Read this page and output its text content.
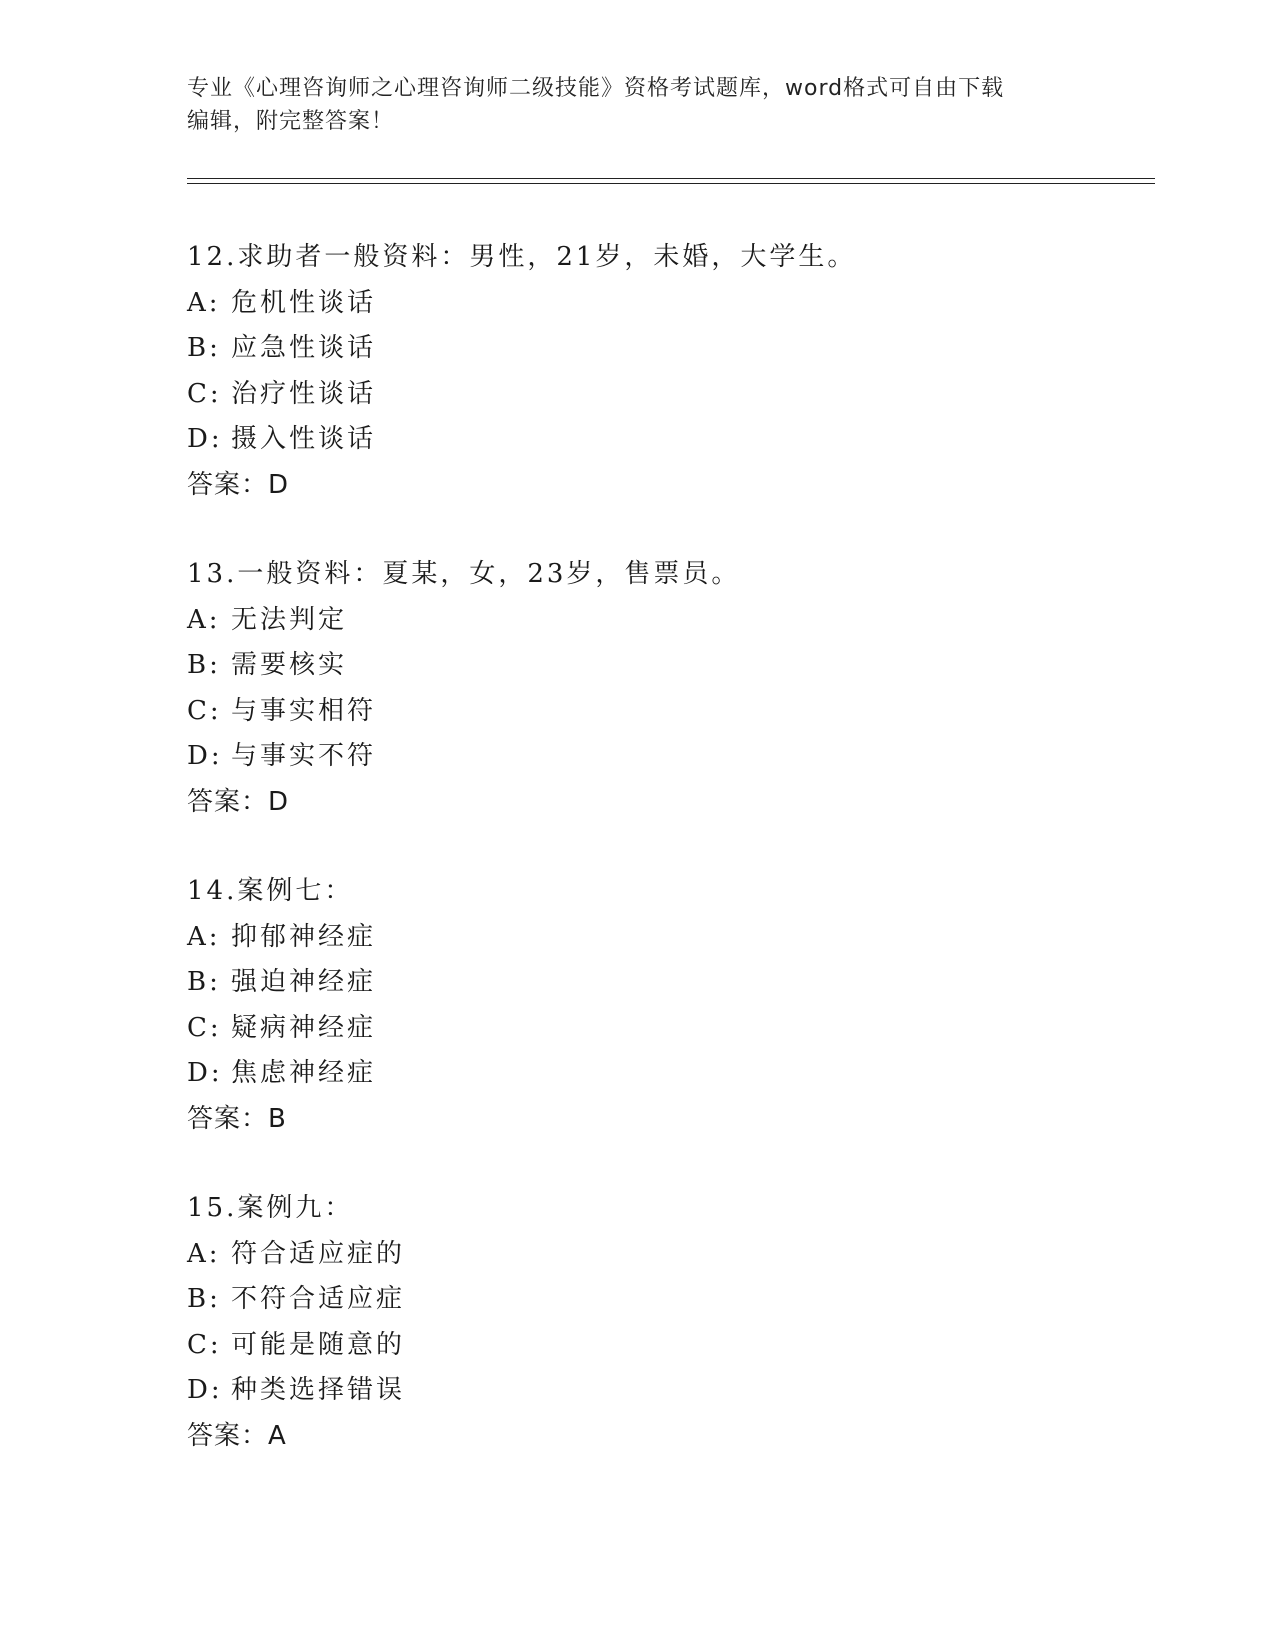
专业《心理咨询师之心理咨询师二级技能》资格考试题库，word格式可自由下载
编辑，附完整答案！
12.求助者一般资料：男性，21岁，未婚，大学生。
A: 危机性谈话
B: 应急性谈话
C: 治疗性谈话
D: 摄入性谈话
答案：D
13.一般资料：夏某，女，23岁，售票员。
A: 无法判定
B: 需要核实
C: 与事实相符
D: 与事实不符
答案：D
14.案例七：
A: 抑郁神经症
B: 强迫神经症
C: 疑病神经症
D: 焦虑神经症
答案：B
15.案例九：
A: 符合适应症的
B: 不符合适应症
C: 可能是随意的
D: 种类选择错误
答案：A
